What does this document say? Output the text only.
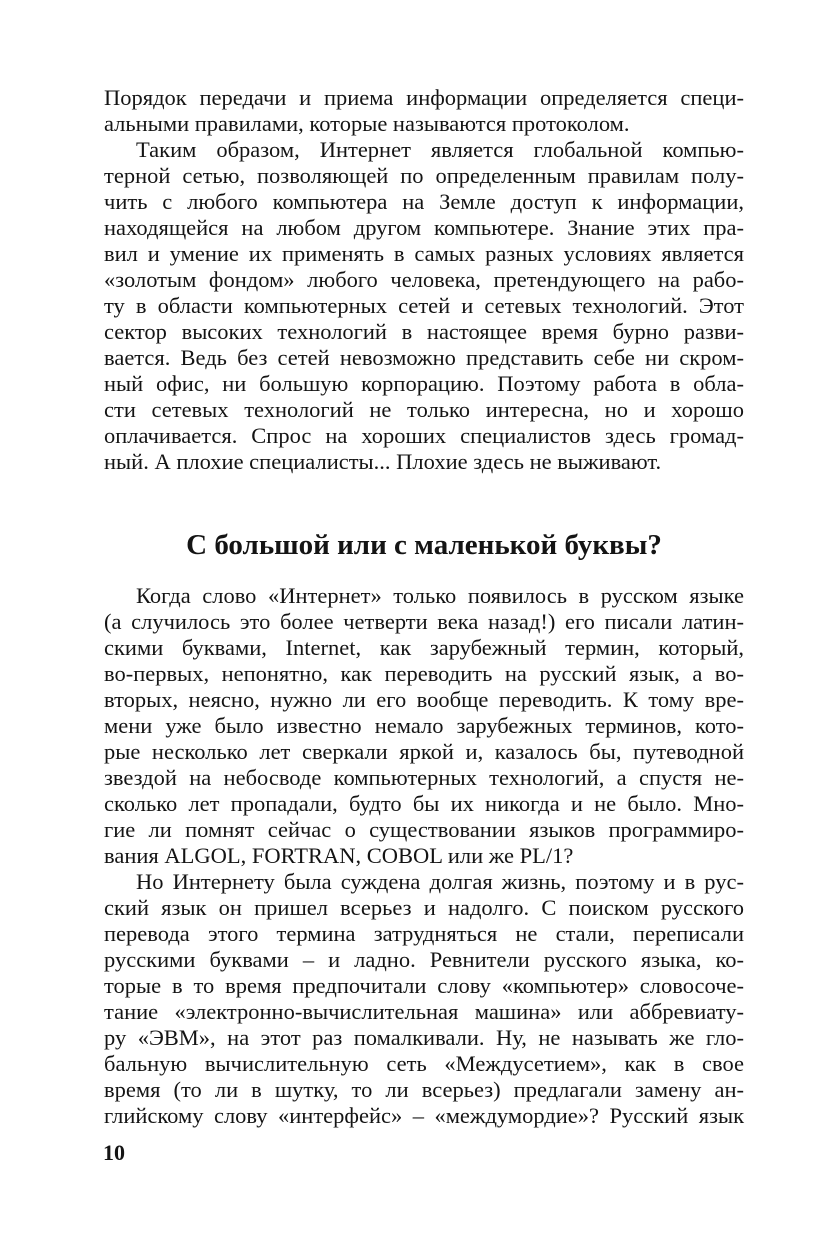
Порядок передачи и приема информации определяется специ-
альными правилами, которые называются протоколом.
Таким образом, Интернет является глобальной компью-
терной сетью, позволяющей по определенным правилам полу-
чить с любого компьютера на Земле доступ к информации,
находящейся на любом другом компьютере. Знание этих пра-
вил и умение их применять в самых разных условиях является
«золотым фондом» любого человека, претендующего на рабо-
ту в области компьютерных сетей и сетевых технологий. Этот
сектор высоких технологий в настоящее время бурно разви-
вается. Ведь без сетей невозможно представить себе ни скром-
ный офис, ни большую корпорацию. Поэтому работа в обла-
сти сетевых технологий не только интересна, но и хорошо
оплачивается. Спрос на хороших специалистов здесь громад-
ный. А плохие специалисты... Плохие здесь не выживают.
С большой или с маленькой буквы?
Когда слово «Интернет» только появилось в русском языке
(а случилось это более четверти века назад!) его писали латин-
скими буквами, Internet, как зарубежный термин, который,
во-первых, непонятно, как переводить на русский язык, а во-
вторых, неясно, нужно ли его вообще переводить. К тому вре-
мени уже было известно немало зарубежных терминов, кото-
рые несколько лет сверкали яркой и, казалось бы, путеводной
звездой на небосводе компьютерных технологий, а спустя не-
сколько лет пропадали, будто бы их никогда и не было. Мно-
гие ли помнят сейчас о существовании языков программиро-
вания ALGOL, FORTRAN, COBOL или же PL/1?
Но Интернету была суждена долгая жизнь, поэтому и в рус-
ский язык он пришел всерьез и надолго. С поиском русского
перевода этого термина затрудняться не стали, переписали
русскими буквами – и ладно. Ревнители русского языка, ко-
торые в то время предпочитали слову «компьютер» словосоче-
тание «электронно-вычислительная машина» или аббревиату-
ру «ЭВМ», на этот раз помалкивали. Ну, не называть же гло-
бальную вычислительную сеть «Междусетием», как в свое
время (то ли в шутку, то ли всерьез) предлагали замену ан-
глийскому слову «интерфейс» – «междумордие»? Русский язык
10
